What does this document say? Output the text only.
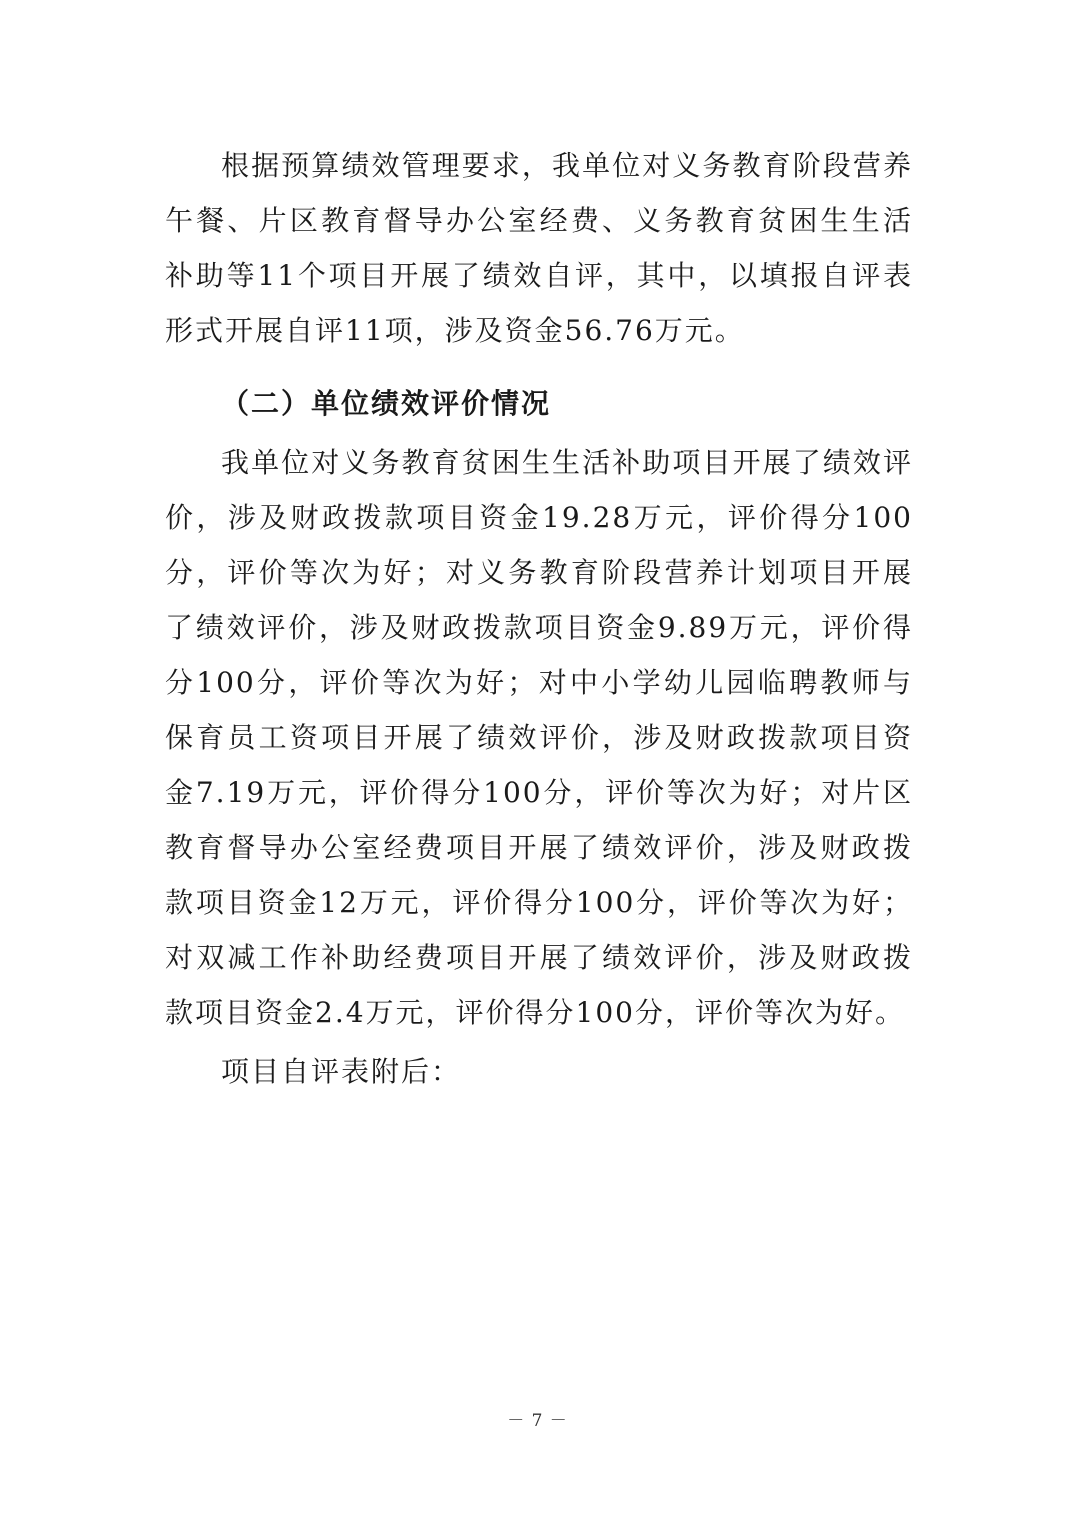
根据预算绩效管理要求，我单位对义务教育阶段营养午餐、片区教育督导办公室经费、义务教育贫困生生活补助等11个项目开展了绩效自评，其中，以填报自评表形式开展自评11项，涉及资金56.76万元。

（二）单位绩效评价情况

我单位对义务教育贫困生生活补助项目开展了绩效评价，涉及财政拨款项目资金19.28万元，评价得分100分，评价等次为好；对义务教育阶段营养计划项目开展了绩效评价，涉及财政拨款项目资金9.89万元，评价得分100分，评价等次为好；对中小学幼儿园临聘教师与保育员工资项目开展了绩效评价，涉及财政拨款项目资金7.19万元，评价得分100分，评价等次为好；对片区教育督导办公室经费项目开展了绩效评价，涉及财政拨款项目资金12万元，评价得分100分，评价等次为好；对双减工作补助经费项目开展了绩效评价，涉及财政拨款项目资金2.4万元，评价得分100分，评价等次为好。

项目自评表附后：

－ 7 －
